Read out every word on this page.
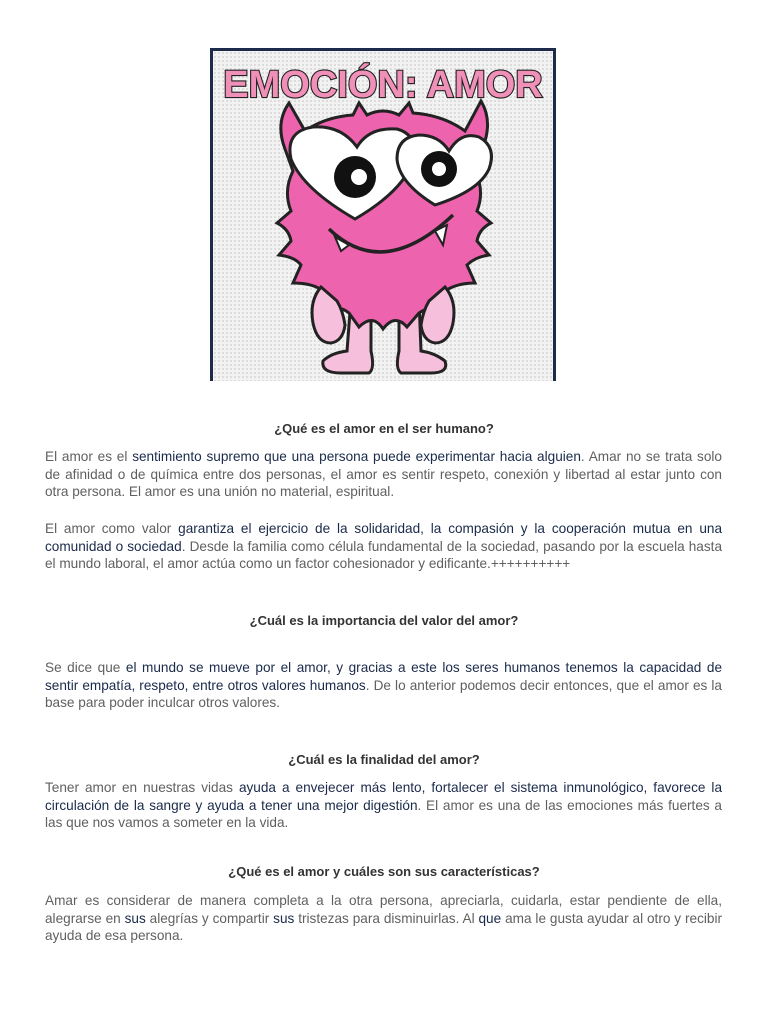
EMOCIÓN: AMOR
¿Qué es el amor en el ser humano?

El amor es el sentimiento supremo que una persona puede experimentar hacia alguien. Amar no se trata solo de afinidad o de química entre dos personas, el amor es sentir respeto, conexión y libertad al estar junto con otra persona. El amor es una unión no material, espiritual.

El amor como valor garantiza el ejercicio de la solidaridad, la compasión y la cooperación mutua en una comunidad o sociedad. Desde la familia como célula fundamental de la sociedad, pasando por la escuela hasta el mundo laboral, el amor actúa como un factor cohesionador y edificante.++++++++++

¿Cuál es la importancia del valor del amor?

Se dice que el mundo se mueve por el amor, y gracias a este los seres humanos tenemos la capacidad de sentir empatía, respeto, entre otros valores humanos. De lo anterior podemos decir entonces, que el amor es la base para poder inculcar otros valores.

¿Cuál es la finalidad del amor?

Tener amor en nuestras vidas ayuda a envejecer más lento, fortalecer el sistema inmunológico, favorece la circulación de la sangre y ayuda a tener una mejor digestión. El amor es una de las emociones más fuertes a las que nos vamos a someter en la vida.

¿Qué es el amor y cuáles son sus características?

Amar es considerar de manera completa a la otra persona, apreciarla, cuidarla, estar pendiente de ella, alegrarse en sus alegrías y compartir sus tristezas para disminuirlas. Al que ama le gusta ayudar al otro y recibir ayuda de esa persona.
